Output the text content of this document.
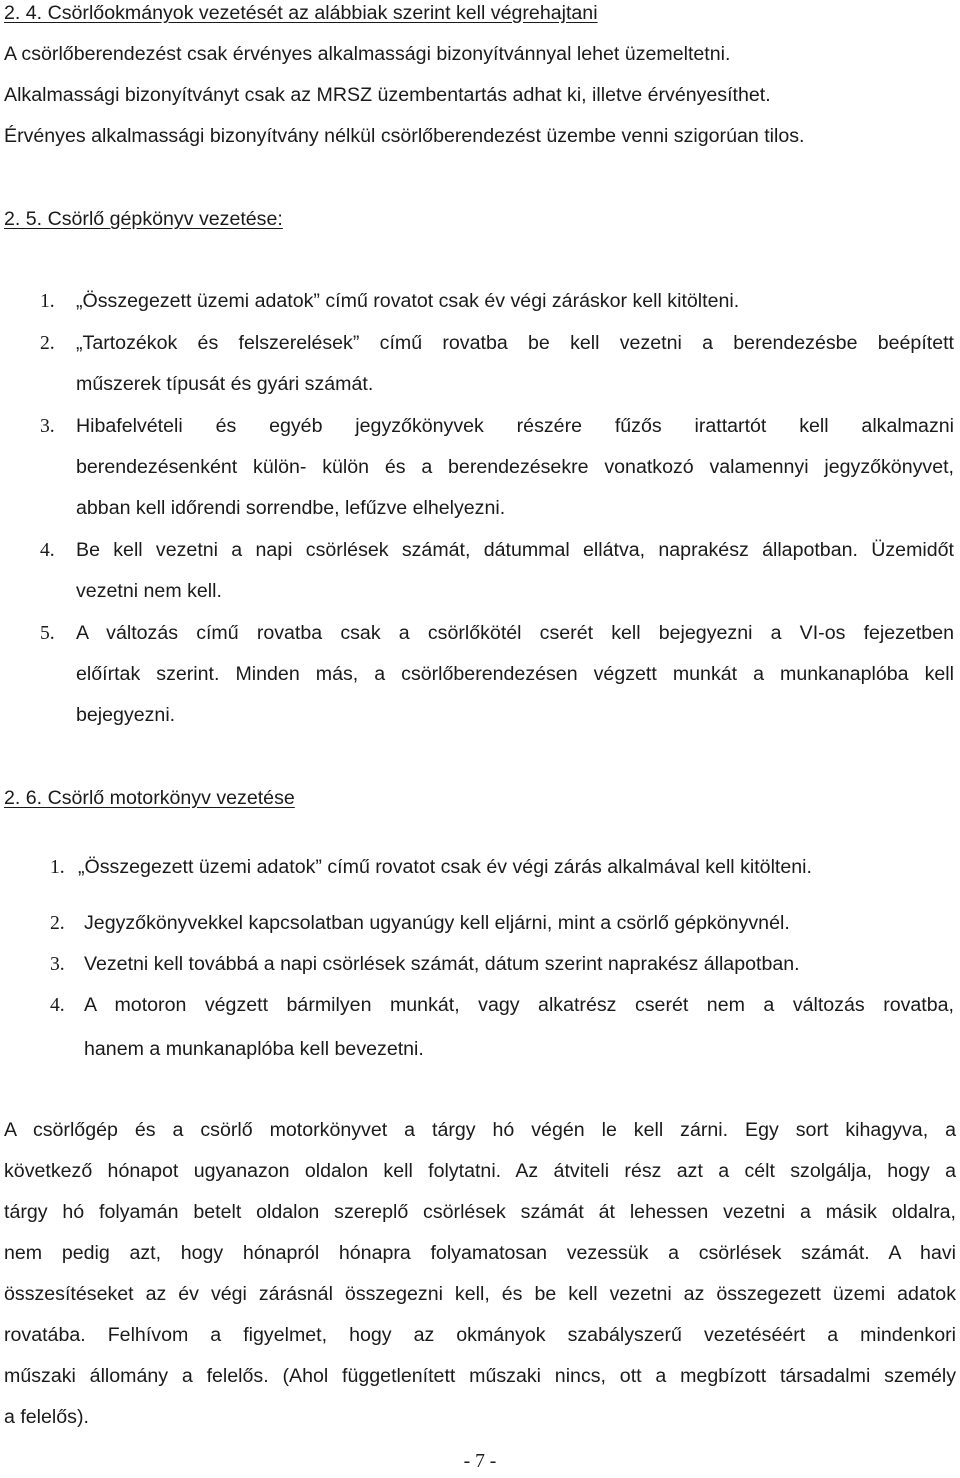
2. 4. Csörlőokmányok vezetését az alábbiak szerint kell végrehajtani
A csörlőberendezést csak érvényes alkalmassági bizonyítvánnyal lehet üzemeltetni.
Alkalmassági bizonyítványt csak az MRSZ üzembentartás adhat ki, illetve érvényesíthet.
Érvényes alkalmassági bizonyítvány nélkül csörlőberendezést üzembe venni szigorúan tilos.
2. 5. Csörlő gépkönyv vezetése:
1. „Összegezett üzemi adatok” című rovatot csak év végi záráskor kell kitölteni.
2. „Tartozékok és felszerelések” című rovatba be kell vezetni a berendezésbe beépített
műszerek típusát és gyári számát.
3. Hibafelvételi és egyéb jegyzőkönyvek részére fűzős irattartót kell alkalmazni
berendezésenként külön- külön és a berendezésekre vonatkozó valamennyi jegyzőkönyvet,
abban kell időrendi sorrendbe, lefűzve elhelyezni.
4. Be kell vezetni a napi csörlések számát, dátummal ellátva, naprakész állapotban. Üzemidőt
vezetni nem kell.
5. A változás című rovatba csak a csörlőkötél cserét kell bejegyezni a VI-os fejezetben
előírtak szerint. Minden más, a csörlőberendezésen végzett munkát a munkanaplóba kell
bejegyezni.
2. 6. Csörlő motorkönyv vezetése
1. „Összegezett üzemi adatok” című rovatot csak év végi zárás alkalmával kell kitölteni.
2. Jegyzőkönyvekkel kapcsolatban ugyanúgy kell eljárni, mint a csörlő gépkönyvnél.
3. Vezetni kell továbbá a napi csörlések számát, dátum szerint naprakész állapotban.
4. A motoron végzett bármilyen munkát, vagy alkatrész cserét nem a változás rovatba,
hanem a munkanaplóba kell bevezetni.
A csörlőgép és a csörlő motorkönyvet a tárgy hó végén le kell zárni. Egy sort kihagyva, a
következő hónapot ugyanazon oldalon kell folytatni. Az átviteli rész azt a célt szolgálja, hogy a
tárgy hó folyamán betelt oldalon szereplő csörlések számát át lehessen vezetni a másik oldalra,
nem pedig azt, hogy hónapról hónapra folyamatosan vezessük a csörlések számát. A havi
összesítéseket az év végi zárásnál összegezni kell, és be kell vezetni az összegezett üzemi adatok
rovatába. Felhívom a figyelmet, hogy az okmányok szabályszerű vezetéséért a mindenkori
műszaki állomány a felelős. (Ahol függetlenített műszaki nincs, ott a megbízott társadalmi személy
a felelős).
- 7 -
